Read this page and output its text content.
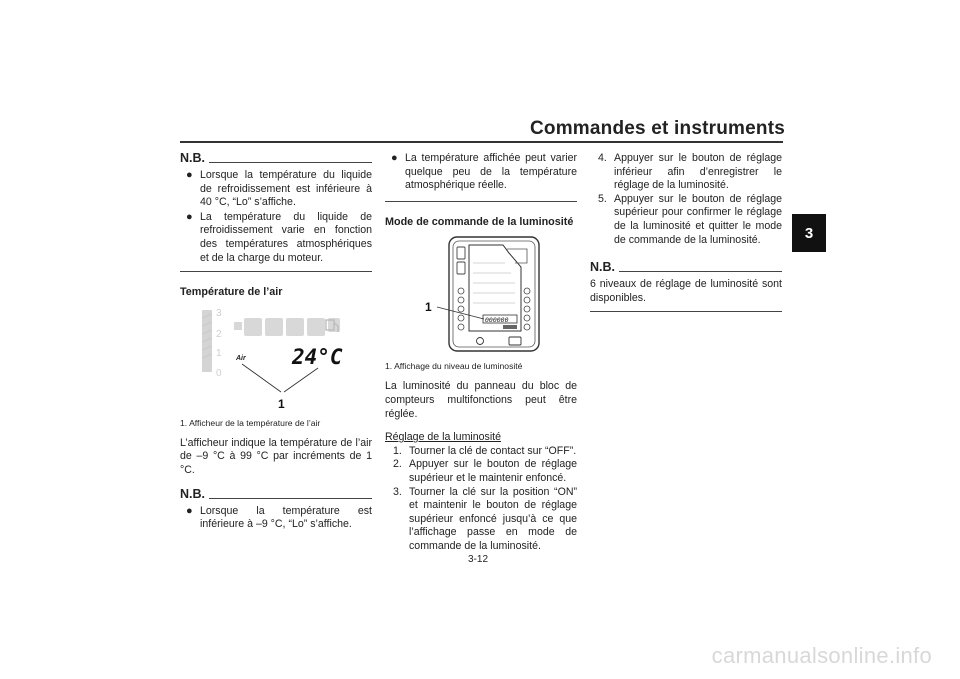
Commandes et instruments
3
N.B.
● Lorsque la température du liquide de refroidissement est inférieure à 40 °C, “Lo” s’affiche.
● La température du liquide de refroidissement varie en fonction des températures atmosphériques et de la charge du moteur.
Température de l’air
3
2
1
0
Air 24°C
1
1. Afficheur de la température de l’air
L’afficheur indique la température de l’air de –9 °C à 99 °C par incréments de 1 °C.
N.B.
● Lorsque la température est inférieure à –9 °C, “Lo” s’affiche.
● La température affichée peut varier quelque peu de la température atmosphérique réelle.
Mode de commande de la luminosité
000000
1
1. Affichage du niveau de luminosité
La luminosité du panneau du bloc de compteurs multifonctions peut être réglée.
Réglage de la luminosité
1. Tourner la clé de contact sur “OFF”.
2. Appuyer sur le bouton de réglage supérieur et le maintenir enfoncé.
3. Tourner la clé sur la position “ON” et maintenir le bouton de réglage supérieur enfoncé jusqu’à ce que l’affichage passe en mode de commande de la luminosité.
4. Appuyer sur le bouton de réglage inférieur afin d’enregistrer le réglage de la luminosité.
5. Appuyer sur le bouton de réglage supérieur pour confirmer le réglage de la luminosité et quitter le mode de commande de la luminosité.
N.B.
6 niveaux de réglage de luminosité sont disponibles.
3-12
carmanualsonline.info
